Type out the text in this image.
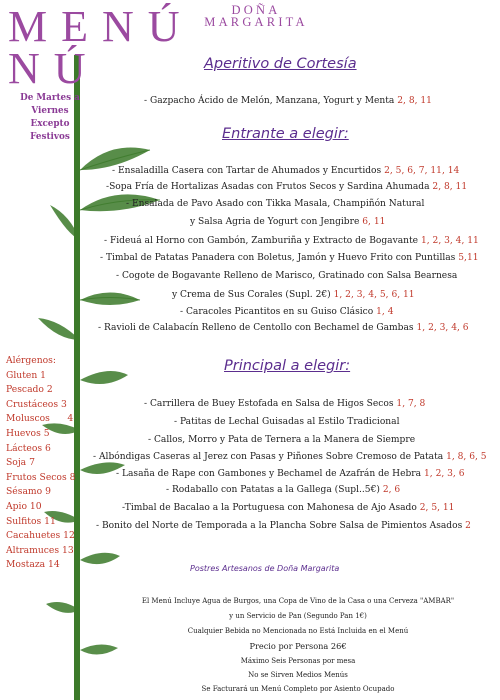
MENÚ
NÚ
DOÑA
MARGARITA
De Martes a
Viernes
Excepto
Festivos
Aperitivo de Cortesía
- Gazpacho Ácido de Melón, Manzana, Yogurt y Menta 2, 8, 11
Entrante a elegir:
- Ensaladilla Casera con Tartar de Ahumados y Encurtidos 2, 5, 6, 7, 11, 14
-Sopa Fría de Hortalizas Asadas con Frutos Secos y Sardina Ahumada 2, 8, 11
- Ensalada de Pavo Asado con Tikka Masala, Champiñón Natural
y Salsa Agria de Yogurt con Jengibre 6, 11
- Fideuá al Horno con Gambón, Zamburiña y Extracto de Bogavante 1, 2, 3, 4, 11
- Timbal de Patatas Panadera con Boletus, Jamón y Huevo Frito con Puntillas 5,11
- Cogote de Bogavante Relleno de Marisco, Gratinado con Salsa Bearnesa
y Crema de Sus Corales (Supl. 2€) 1, 2, 3, 4, 5, 6, 11
- Caracoles Picantitos en su Guiso Clásico 1, 4
- Ravioli de Calabacín Relleno de Centollo con Bechamel de Gambas 1, 2, 3, 4, 6
Principal a elegir:
- Carrillera de Buey Estofada en Salsa de Higos Secos 1, 7, 8
- Patitas de Lechal Guisadas al Estilo Tradicional
- Callos, Morro y Pata de Ternera a la Manera de Siempre
- Albóndigas Caseras al Jerez con Pasas y Piñones Sobre Cremoso de Patata 1, 8, 6, 5
- Lasaña de Rape con Gambones y Bechamel de Azafrán de Hebra 1, 2, 3, 6
- Rodaballo con Patatas a la Gallega (Supl..5€) 2, 6
-Timbal de Bacalao a la Portuguesa con Mahonesa de Ajo Asado 2, 5, 11
- Bonito del Norte de Temporada a la Plancha Sobre Salsa de Pimientos Asados 2
Alérgenos:
Gluten 1
Pescado 2
Crustáceos 3
Moluscos      4
Huevos 5
Lácteos 6
Soja 7
Frutos Secos 8
Sésamo 9
Apio 10
Sulfitos 11
Cacahuetes 12
Altramuces 13
Mostaza 14	Postres Artesanos de Doña Margarita
El Menú Incluye Agua de Burgos, una Copa de Vino de la Casa o una Cerveza "AMBAR"
y un Servicio de Pan (Segundo Pan 1€)
Cualquier Bebida no Mencionada no Está Incluida en el Menú
Precio por Persona 26€
Máximo Seis Personas por mesa
No se Sirven Medios Menús
Se Facturará un Menú Completo por Asiento Ocupado
